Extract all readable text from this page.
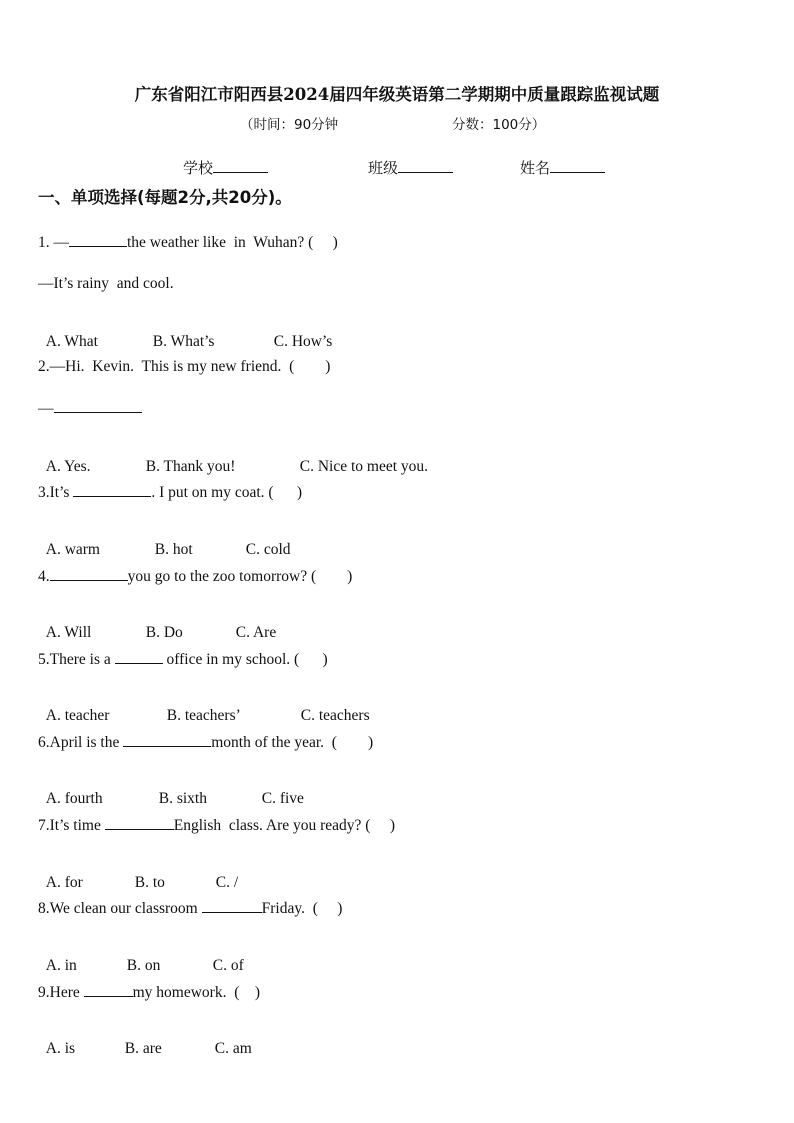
广东省阳江市阳西县2024届四年级英语第二学期期中质量跟踪监视试题
（时间：90分钟	分数：100分）
学校	班级	姓名
一、单项选择(每题2分,共20分)。
1. —	the weather like  in  Wuhan? (     )
—It’s rainy  and cool.

A. What	B. What’s	C. How’s

2.—Hi.  Kevin.  This is my new friend.  (        )
—

A. Yes.	B. Thank you!	C. Nice to meet you.

3.It’s	. I put on my coat. (      )

A. warm	B. hot	C. cold

4.	you go to the zoo tomorrow? (        )

A. Will	B. Do	C. Are

5.There is a	office in my school. (      )

A. teacher	B. teachers’	C. teachers

6.April is the	month of the year.  (        )

A. fourth	B. sixth	C. five

7.It’s time	English  class. Are you ready? (     )

A. for	B. to	C. /

8.We clean our classroom	Friday.  (     )

A. in	B. on	C. of

9.Here	my homework.  (    )

A. is	B. are	C. am
